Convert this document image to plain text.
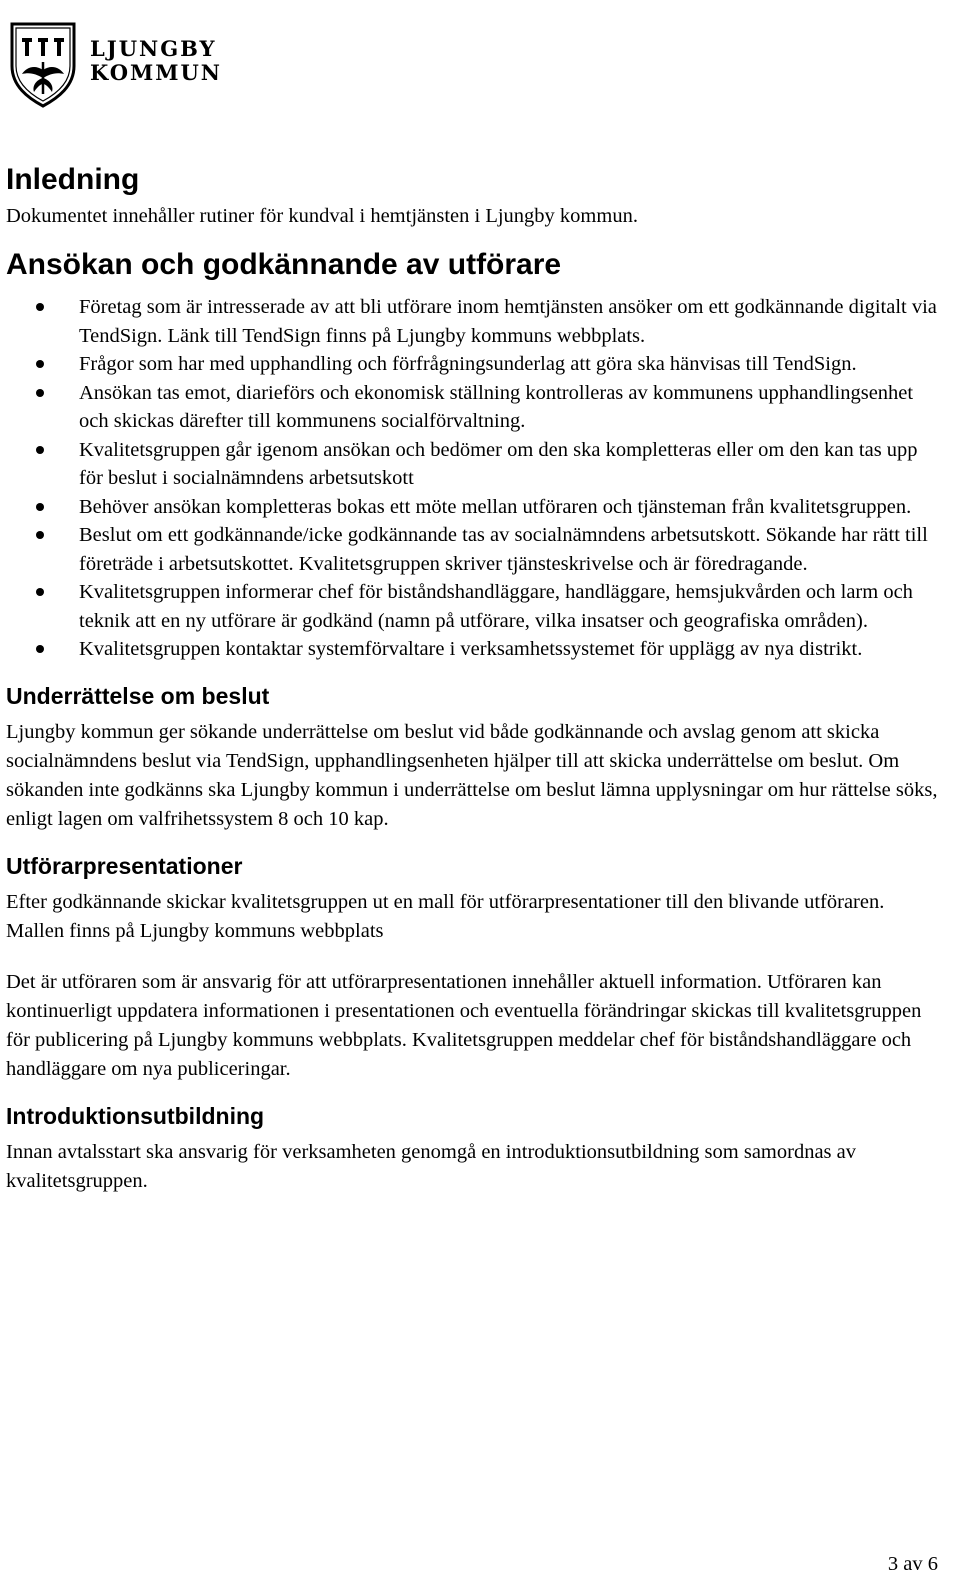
LJUNGBY
KOMMUN
Inledning

Dokumentet innehåller rutiner för kundval i hemtjänsten i Ljungby kommun.

Ansökan och godkännande av utförare
Företag som är intresserade av att bli utförare inom hemtjänsten ansöker om ett godkännande digitalt via TendSign. Länk till TendSign finns på Ljungby kommuns webbplats.
Frågor som har med upphandling och förfrågningsunderlag att göra ska hänvisas till TendSign.
Ansökan tas emot, diarieförs och ekonomisk ställning kontrolleras av kommunens upphandlingsenhet och skickas därefter till kommunens socialförvaltning.
Kvalitetsgruppen går igenom ansökan och bedömer om den ska kompletteras eller om den kan tas upp för beslut i socialnämndens arbetsutskott
Behöver ansökan kompletteras bokas ett möte mellan utföraren och tjänsteman från kvalitetsgruppen.
Beslut om ett godkännande/icke godkännande tas av socialnämndens arbetsutskott. Sökande har rätt till företräde i arbetsutskottet. Kvalitetsgruppen skriver tjänsteskrivelse och är föredragande.
Kvalitetsgruppen informerar chef för biståndshandläggare, handläggare, hemsjukvården och larm och teknik att en ny utförare är godkänd (namn på utförare, vilka insatser och geografiska områden).
Kvalitetsgruppen kontaktar systemförvaltare i verksamhetssystemet för upplägg av nya distrikt.
Underrättelse om beslut

Ljungby kommun ger sökande underrättelse om beslut vid både godkännande och avslag genom att skicka socialnämndens beslut via TendSign, upphandlingsenheten hjälper till att skicka underrättelse om beslut. Om sökanden inte godkänns ska Ljungby kommun i underrättelse om beslut lämna upplysningar om hur rättelse söks, enligt lagen om valfrihetssystem 8 och 10 kap.

Utförarpresentationer

Efter godkännande skickar kvalitetsgruppen ut en mall för utförarpresentationer till den blivande utföraren. Mallen finns på Ljungby kommuns webbplats

Det är utföraren som är ansvarig för att utförarpresentationen innehåller aktuell information. Utföraren kan kontinuerligt uppdatera informationen i presentationen och eventuella förändringar skickas till kvalitetsgruppen för publicering på Ljungby kommuns webbplats. Kvalitetsgruppen meddelar chef för biståndshandläggare och handläggare om nya publiceringar.

Introduktionsutbildning

Innan avtalsstart ska ansvarig för verksamheten genomgå en introduktionsutbildning som samordnas av kvalitetsgruppen.

3 av 6
